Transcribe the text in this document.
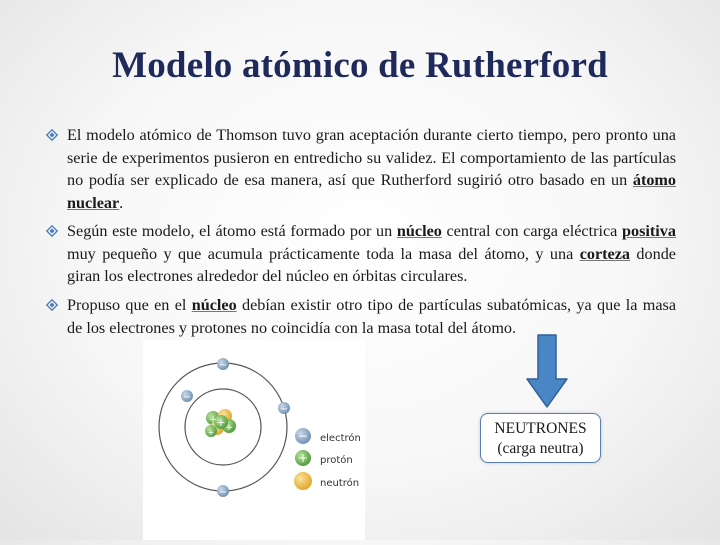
Modelo atómico de Rutherford
El modelo atómico de Thomson tuvo gran aceptación durante cierto tiempo, pero pronto una serie de experimentos pusieron en entredicho su validez. El comportamiento de las partículas no podía ser explicado de esa manera, así que Rutherford sugirió otro basado en un átomo nuclear.
Según este modelo, el átomo está formado por un núcleo central con carga eléctrica positiva muy pequeño y que acumula prácticamente toda la masa del átomo, y una corteza donde giran los electrones alrededor del núcleo en órbitas circulares.
Propuso que en el núcleo debían existir otro tipo de partículas subatómicas, ya que la masa de los electrones y protones no coincidía con la masa total del átomo.
+ +
+
+
−
−
−
−
− electrón
+ protón
neutrón
NEUTRONES
(carga neutra)
